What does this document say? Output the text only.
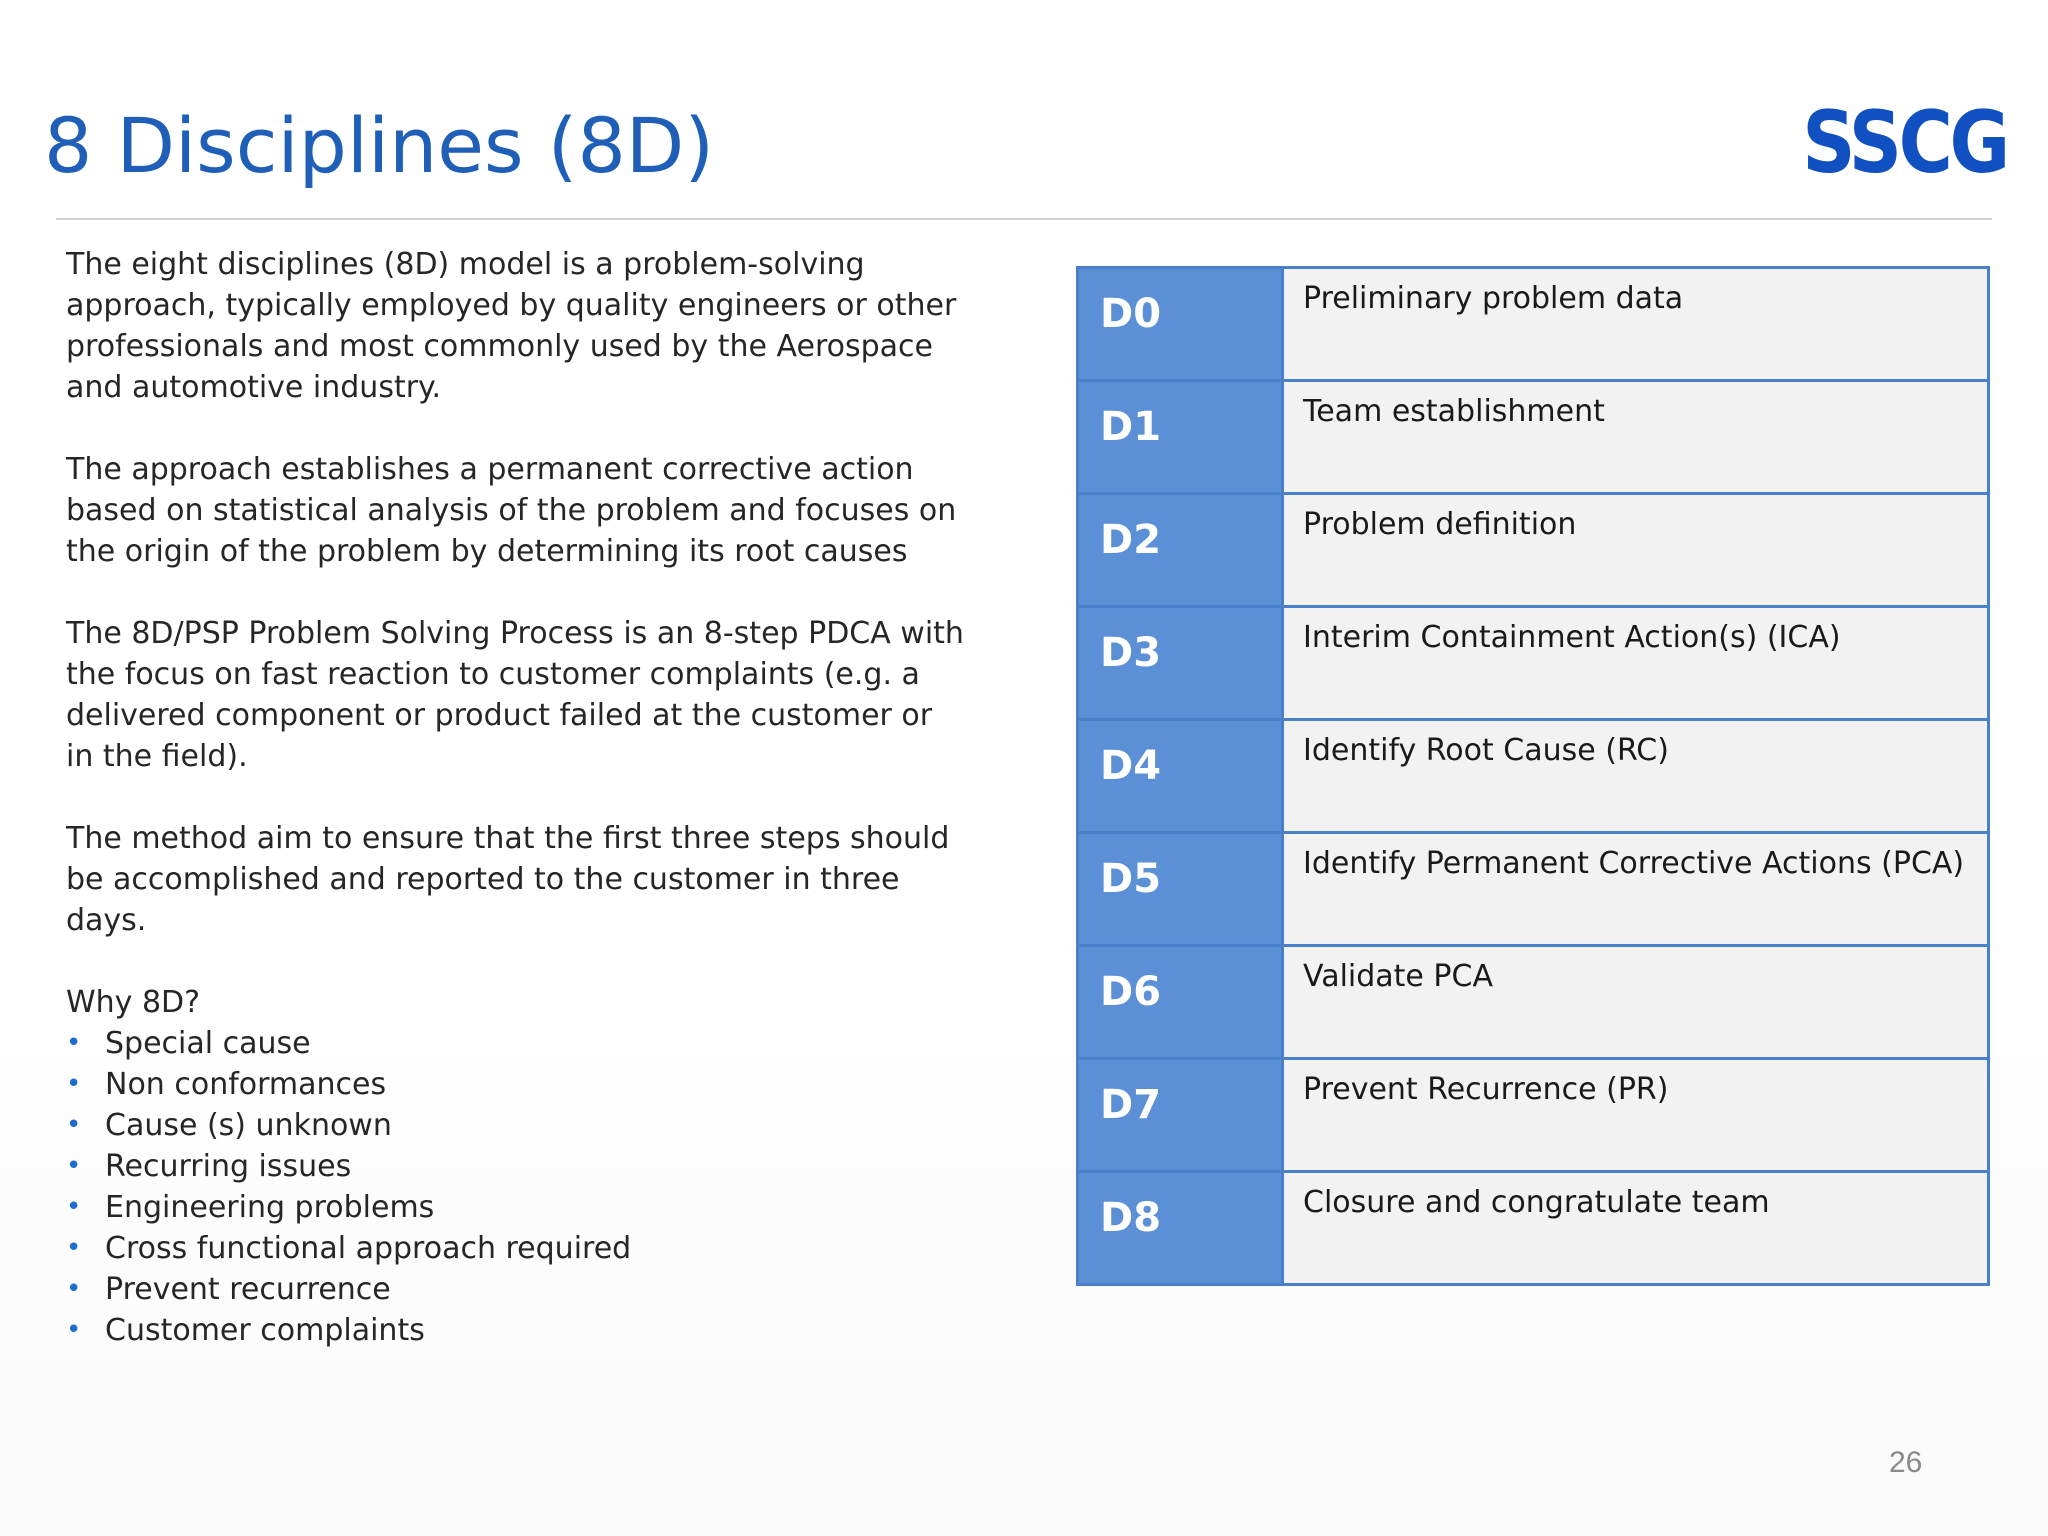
8 Disciplines (8D)	SSCG

The eight disciplines (8D) model is a problem-solving approach, typically employed by quality engineers or other professionals and most commonly used by the Aerospace and automotive industry.

The approach establishes a permanent corrective action based on statistical analysis of the problem and focuses on the origin of the problem by determining its root causes

The 8D/PSP Problem Solving Process is an 8-step PDCA with the focus on fast reaction to customer complaints (e.g. a delivered component or product failed at the customer or in the field).

The method aim to ensure that the first three steps should be accomplished and reported to the customer in three days.

Why 8D?
• Special cause
• Non conformances
• Cause (s) unknown
• Recurring issues
• Engineering problems
• Cross functional approach required
• Prevent recurrence
• Customer complaints
D0	Preliminary problem data
D1	Team establishment
D2	Problem definition
D3	Interim Containment Action(s) (ICA)
D4	Identify Root Cause (RC)
D5	Identify Permanent Corrective Actions (PCA)
D6	Validate PCA
D7	Prevent Recurrence (PR)
D8	Closure and congratulate team
26
